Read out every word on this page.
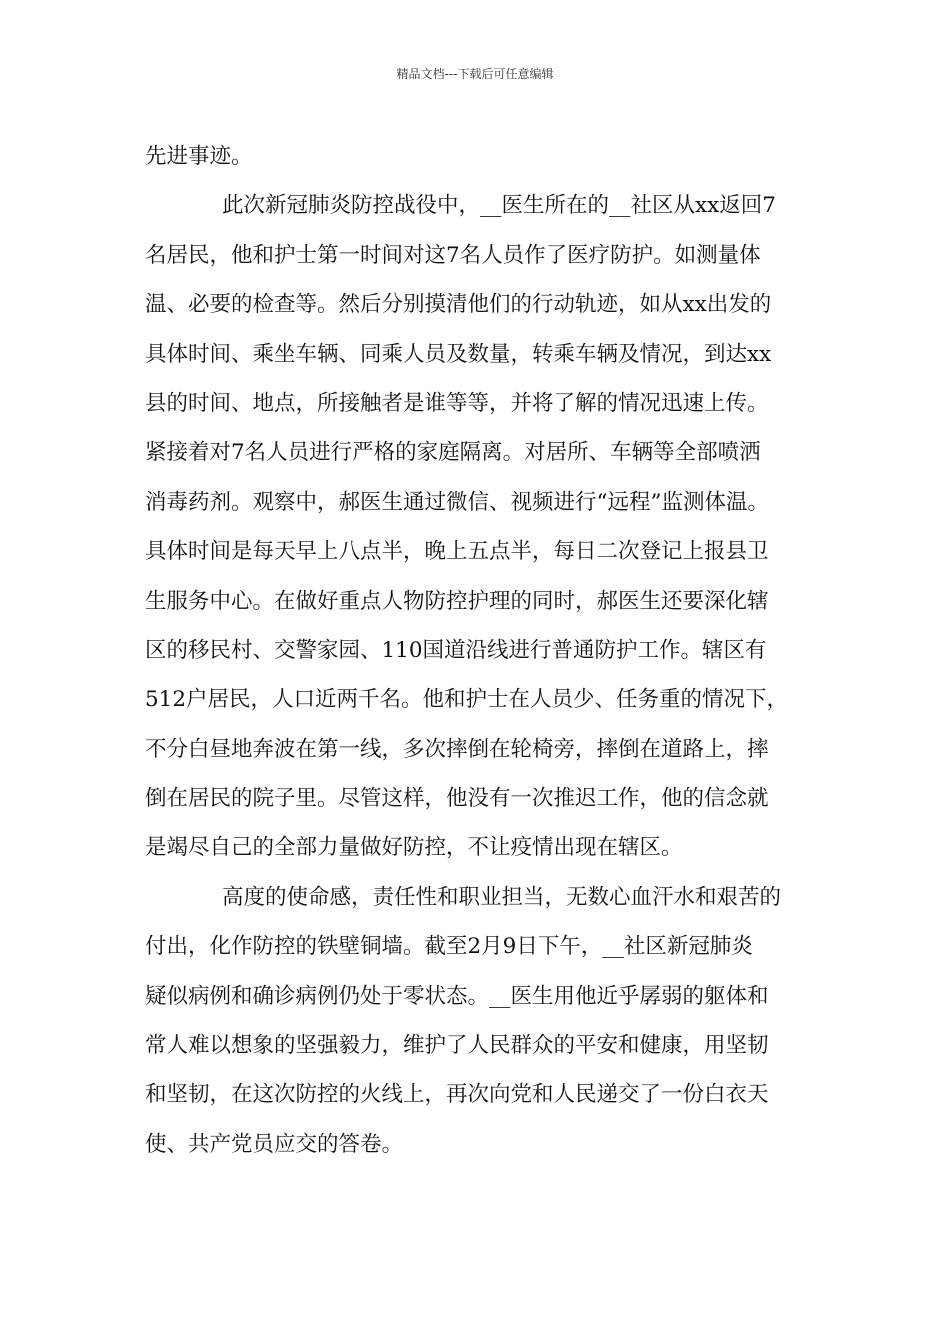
精品文档---下载后可任意编辑
先进事迹。
此次新冠肺炎防控战役中，__医生所在的__社区从xx返回7
名居民，他和护士第一时间对这7名人员作了医疗防护。如测量体
温、必要的检查等。然后分别摸清他们的行动轨迹，如从xx出发的
具体时间、乘坐车辆、同乘人员及数量，转乘车辆及情况，到达xx
县的时间、地点，所接触者是谁等等，并将了解的情况迅速上传。
紧接着对7名人员进行严格的家庭隔离。对居所、车辆等全部喷洒
消毒药剂。观察中，郝医生通过微信、视频进行“远程”监测体温。
具体时间是每天早上八点半，晚上五点半，每日二次登记上报县卫
生服务中心。在做好重点人物防控护理的同时，郝医生还要深化辖
区的移民村、交警家园、110国道沿线进行普通防护工作。辖区有
512户居民，人口近两千名。他和护士在人员少、任务重的情况下，
不分白昼地奔波在第一线，多次摔倒在轮椅旁，摔倒在道路上，摔
倒在居民的院子里。尽管这样，他没有一次推迟工作，他的信念就
是竭尽自己的全部力量做好防控，不让疫情出现在辖区。
高度的使命感，责任性和职业担当，无数心血汗水和艰苦的
付出，化作防控的铁壁铜墙。截至2月9日下午，__社区新冠肺炎
疑似病例和确诊病例仍处于零状态。__医生用他近乎孱弱的躯体和
常人难以想象的坚强毅力，维护了人民群众的平安和健康，用坚韧
和坚韧，在这次防控的火线上，再次向党和人民递交了一份白衣天
使、共产党员应交的答卷。
